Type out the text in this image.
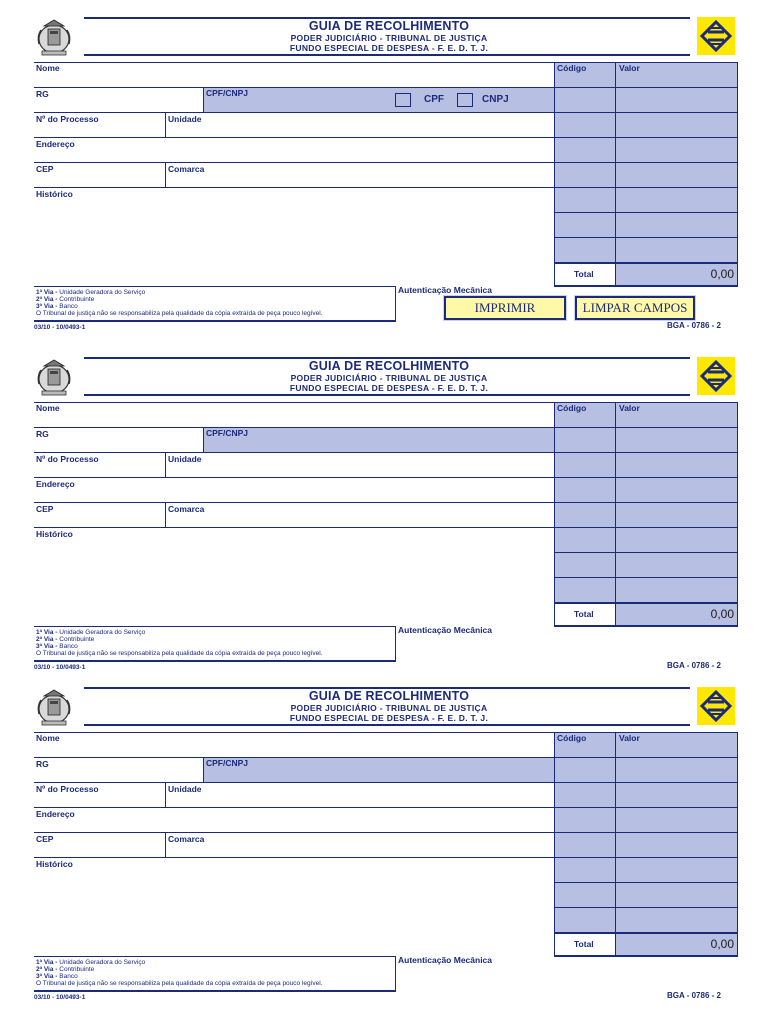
GUIA DE RECOLHIMENTO
PODER JUDICIÁRIO - TRIBUNAL DE JUSTIÇA
FUNDO ESPECIAL DE DESPESA - F. E. D. T. J.
Nome	Código	Valor
RG	CPF/CNPJ
CPF	CNPJ
Nº do Processo	Unidade
Endereço
CEP	Comarca
Histórico
Total	0,00
1ª Via - Unidade Geradora do Serviço
2ª Via - Contribuinte
3ª Via - Banco
O Tribunal de justiça não se responsabiliza pela qualidade da cópia extraída de peça pouco legível.
Autenticação Mecânica
03/10 - 10/0493-1	BGA - 0786 - 2
IMPRIMIR	LIMPAR CAMPOS
GUIA DE RECOLHIMENTO
PODER JUDICIÁRIO - TRIBUNAL DE JUSTIÇA
FUNDO ESPECIAL DE DESPESA - F. E. D. T. J.
Nome	Código	Valor
RG	CPF/CNPJ
Nº do Processo	Unidade
Endereço
CEP	Comarca
Histórico
Total	0,00
1ª Via - Unidade Geradora do Serviço
2ª Via - Contribuinte
3ª Via - Banco
O Tribunal de justiça não se responsabiliza pela qualidade da cópia extraída de peça pouco legível.
Autenticação Mecânica
03/10 - 10/0493-1	BGA - 0786 - 2
GUIA DE RECOLHIMENTO
PODER JUDICIÁRIO - TRIBUNAL DE JUSTIÇA
FUNDO ESPECIAL DE DESPESA - F. E. D. T. J.
Nome	Código	Valor
RG	CPF/CNPJ
Nº do Processo	Unidade
Endereço
CEP	Comarca
Histórico
Total	0,00
1ª Via - Unidade Geradora do Serviço
2ª Via - Contribuinte
3ª Via - Banco
O Tribunal de justiça não se responsabiliza pela qualidade da cópia extraída de peça pouco legível.
Autenticação Mecânica
03/10 - 10/0493-1	BGA - 0786 - 2
